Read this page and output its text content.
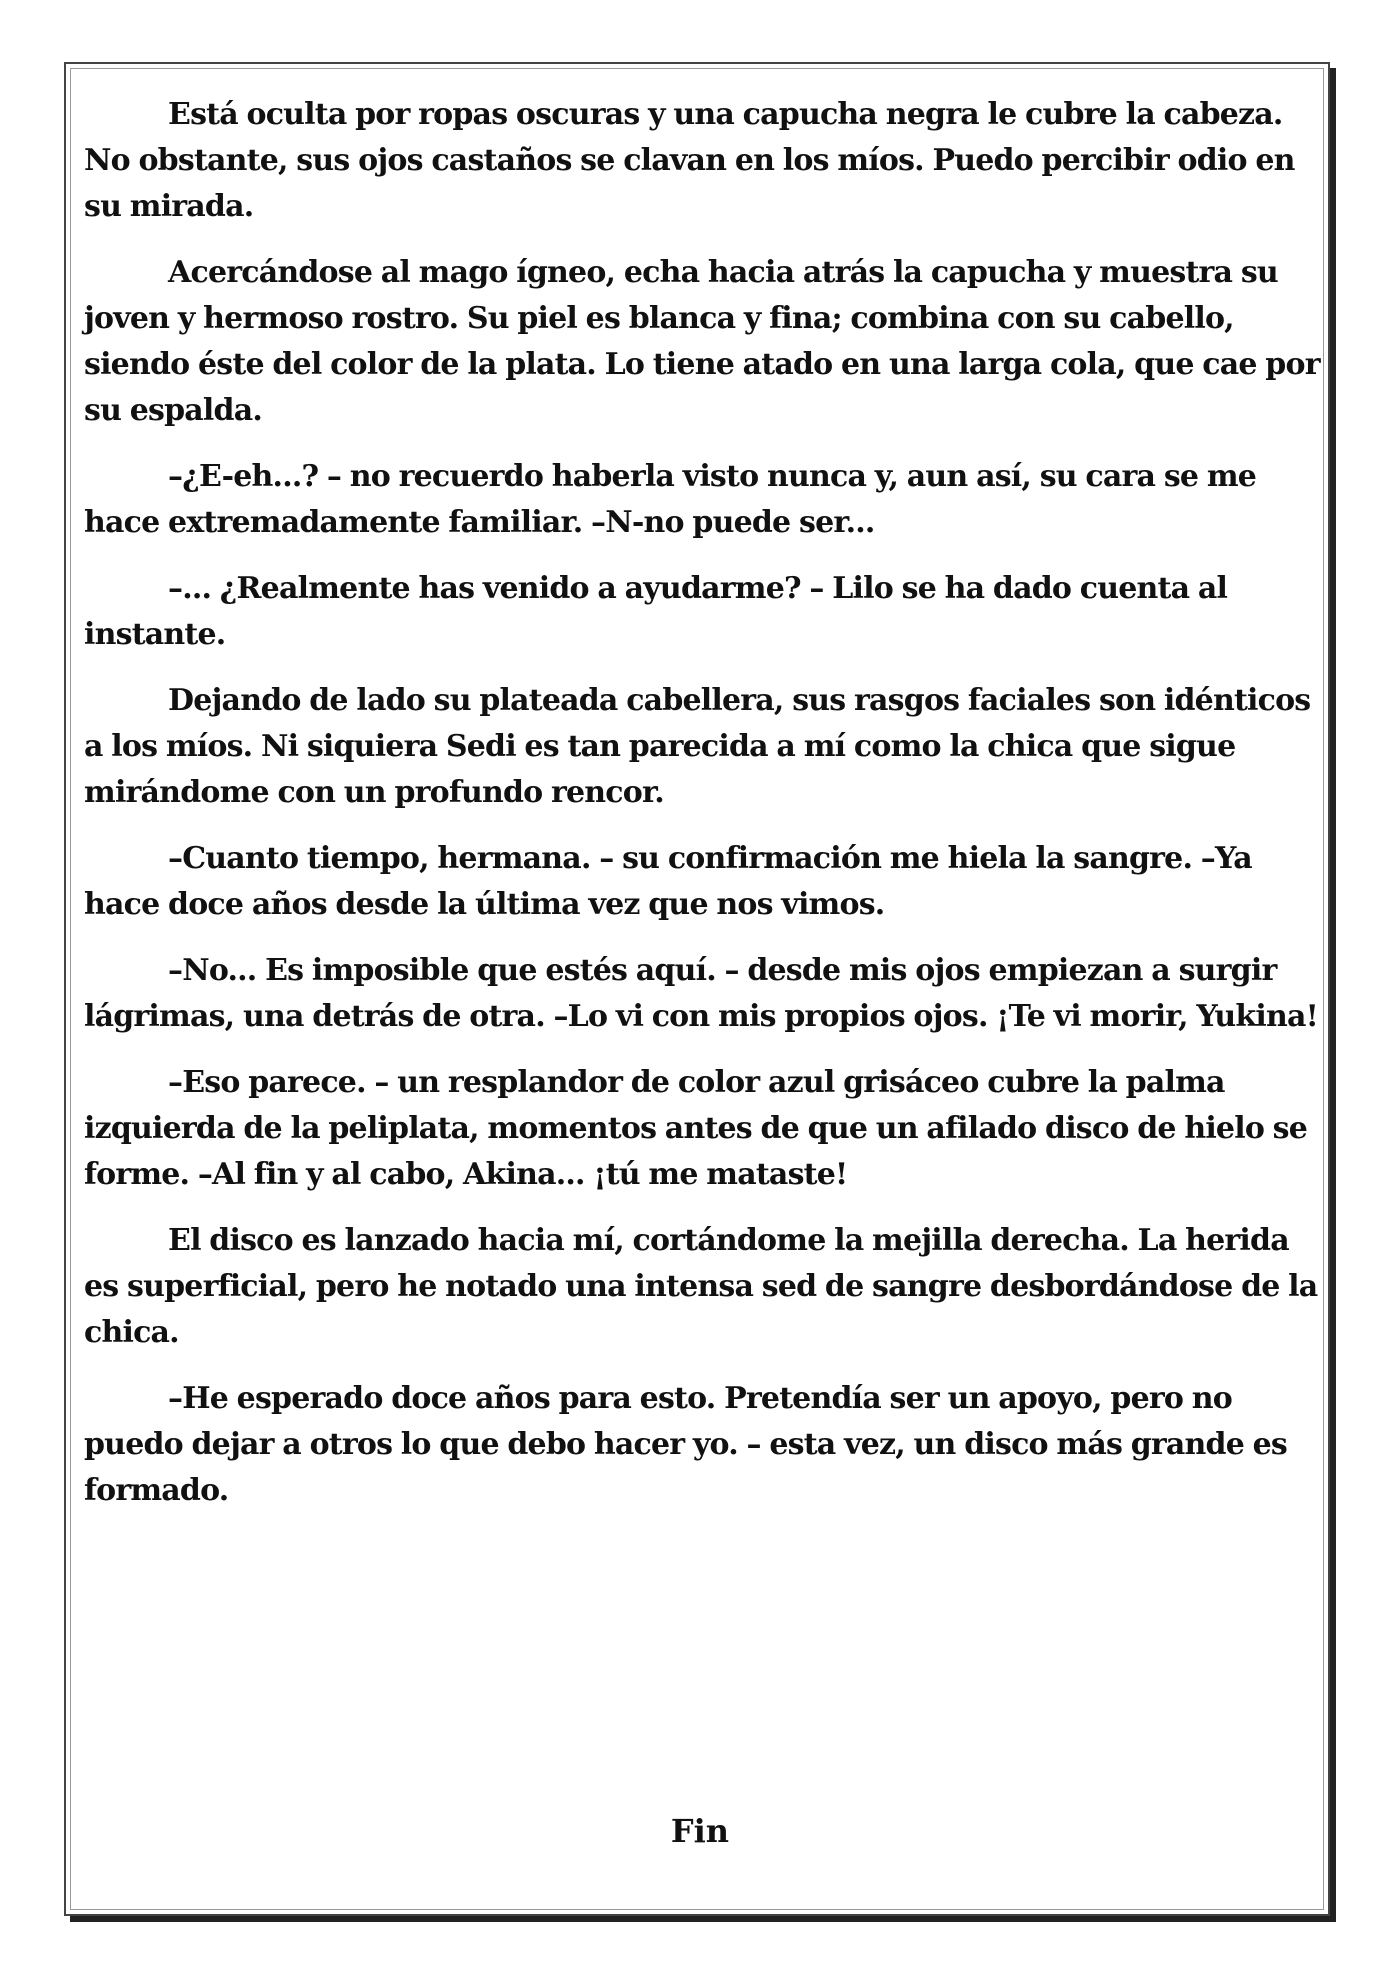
Está oculta por ropas oscuras y una capucha negra le cubre la cabeza. No obstante, sus ojos castaños se clavan en los míos. Puedo percibir odio en su mirada.

Acercándose al mago ígneo, echa hacia atrás la capucha y muestra su joven y hermoso rostro. Su piel es blanca y fina; combina con su cabello, siendo éste del color de la plata. Lo tiene atado en una larga cola, que cae por su espalda.

–¿E-eh...? – no recuerdo haberla visto nunca y, aun así, su cara se me hace extremadamente familiar. –N-no puede ser...

–... ¿Realmente has venido a ayudarme? – Lilo se ha dado cuenta al instante.

Dejando de lado su plateada cabellera, sus rasgos faciales son idénticos a los míos. Ni siquiera Sedi es tan parecida a mí como la chica que sigue mirándome con un profundo rencor.

–Cuanto tiempo, hermana. – su confirmación me hiela la sangre. –Ya hace doce años desde la última vez que nos vimos.

–No... Es imposible que estés aquí. – desde mis ojos empiezan a surgir lágrimas, una detrás de otra. –Lo vi con mis propios ojos. ¡Te vi morir, Yukina!

–Eso parece. – un resplandor de color azul grisáceo cubre la palma izquierda de la peliplata, momentos antes de que un afilado disco de hielo se forme. –Al fin y al cabo, Akina... ¡tú me mataste!

El disco es lanzado hacia mí, cortándome la mejilla derecha. La herida es superficial, pero he notado una intensa sed de sangre desbordándose de la chica.

–He esperado doce años para esto. Pretendía ser un apoyo, pero no puedo dejar a otros lo que debo hacer yo. – esta vez, un disco más grande es formado.

Fin
